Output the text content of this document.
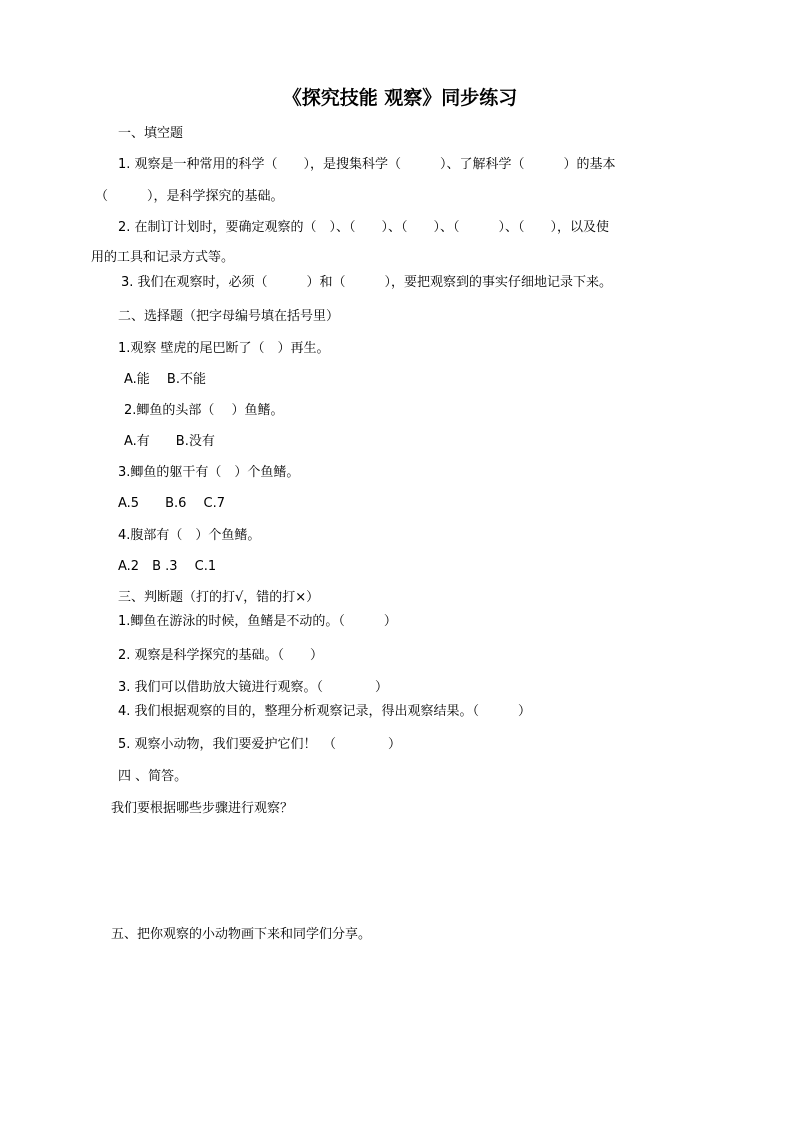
《探究技能 观察》同步练习
一、填空题
1. 观察是一种常用的科学（　　），是搜集科学（　　　）、了解科学（　　　）的基本
（　　　），是科学探究的基础。
2. 在制订计划时，要确定观察的（　）、（　　）、（　　）、（　　　）、（　　），以及使
用的工具和记录方式等。
3. 我们在观察时，必须（　　　）和（　　　），要把观察到的事实仔细地记录下来。
二、选择题（把字母编号填在括号里）
1.观察 壁虎的尾巴断了（　）再生。
A.能　 B.不能
2.鲫鱼的头部（　 ）鱼鳍。
A.有　　B.没有
3.鲫鱼的躯干有（　）个鱼鳍。
A.5　　B.6　 C.7
4.腹部有（　）个鱼鳍。
A.2　B .3　 C.1
三、判断题（打的打√，错的打×）
1.鲫鱼在游泳的时候，鱼鳍是不动的。（　　　）
2. 观察是科学探究的基础。（　　）
3. 我们可以借助放大镜进行观察。（　　　　）
4. 我们根据观察的目的，整理分析观察记录，得出观察结果。（　　　）
5. 观察小动物，我们要爱护它们！　（　　　　）
四 、简答。
我们要根据哪些步骤进行观察？
五、把你观察的小动物画下来和同学们分享。
